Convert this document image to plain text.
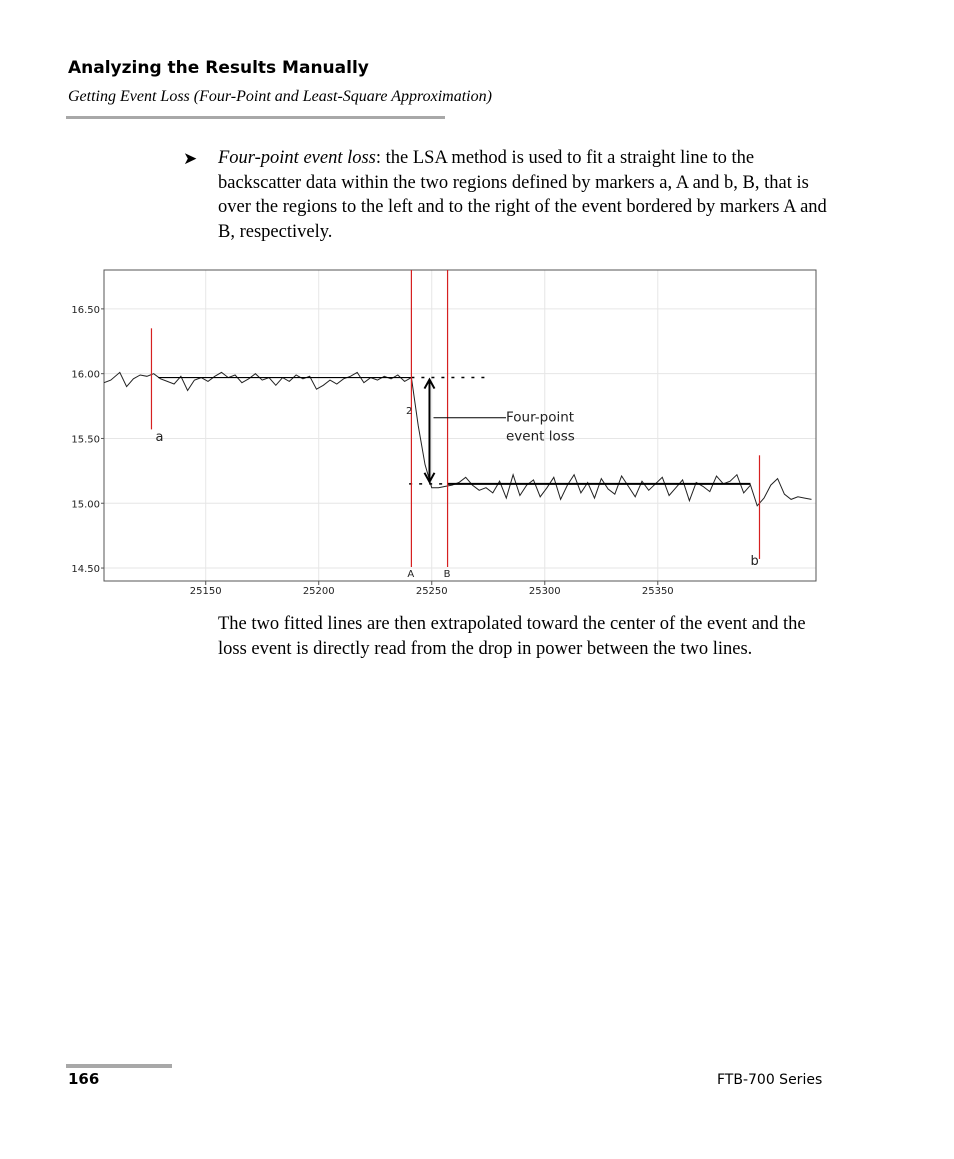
Analyzing the Results Manually
Getting Event Loss (Four-Point and Least-Square Approximation)
➤ Four-point event loss: the LSA method is used to fit a straight line to the backscatter data within the two regions defined by markers a, A and b, B, that is over the regions to the left and to the right of the event bordered by markers A and B, respectively.
16.50
16.00
15.50
15.00
14.50
25150	25200	25250	25300	25350
a
A	B
b
Four-point
event loss
2
The two fitted lines are then extrapolated toward the center of the event and the loss event is directly read from the drop in power between the two lines.
166	FTB-700 Series
